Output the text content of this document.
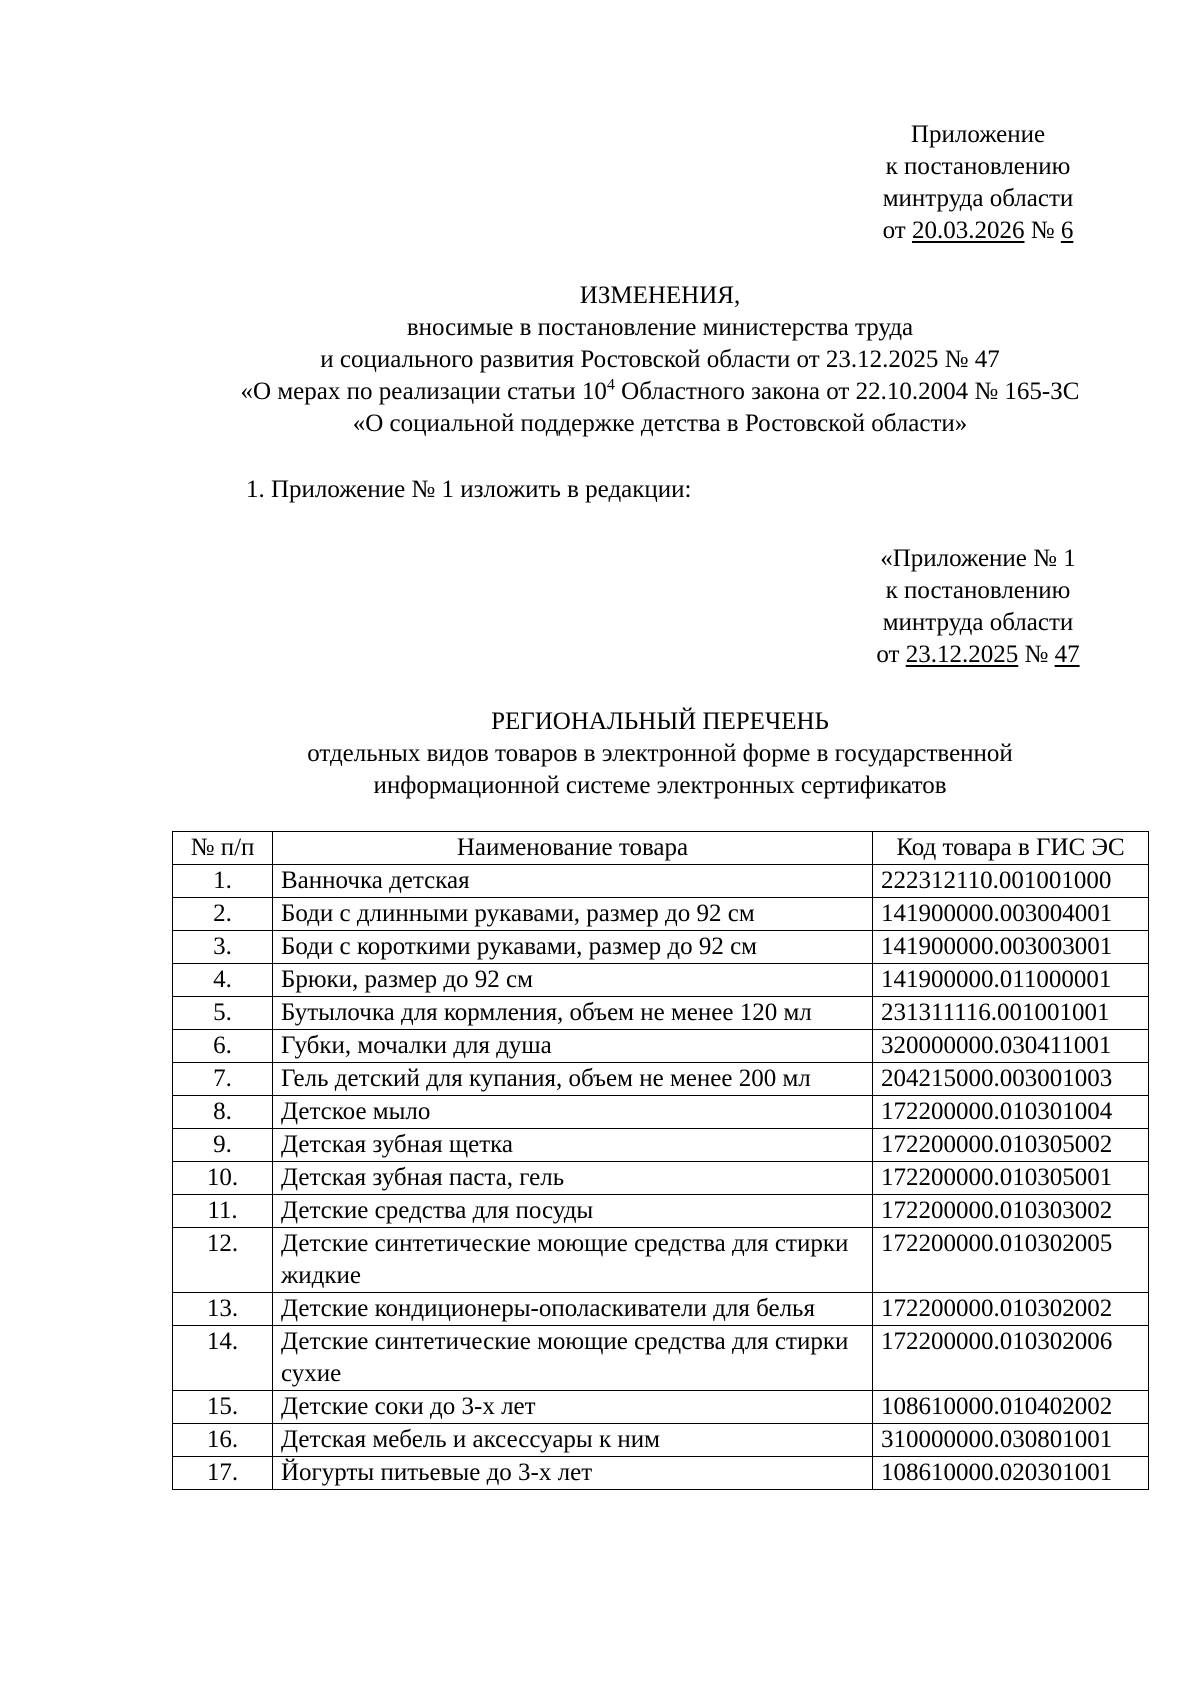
Приложение
к постановлению
минтруда области
от 20.03.2026 № 6
ИЗМЕНЕНИЯ,
вносимые в постановление министерства труда
и социального развития Ростовской области от 23.12.2025 № 47
«О мерах по реализации статьи $10^4$ Областного закона от 22.10.2004 № 165-ЗС
«О социальной поддержке детства в Ростовской области»
1. Приложение № 1 изложить в редакции:
«Приложение № 1
к постановлению
минтруда области
от 23.12.2025 № 47
РЕГИОНАЛЬНЫЙ ПЕРЕЧЕНЬ
отдельных видов товаров в электронной форме в государственной
информационной системе электронных сертификатов
№ п/п	Наименование товара	Код товара в ГИС ЭС
1.	Ванночка детская	222312110.001001000
2.	Боди с длинными рукавами, размер до 92 см	141900000.003004001
3.	Боди с короткими рукавами, размер до 92 см	141900000.003003001
4.	Брюки, размер до 92 см	141900000.011000001
5.	Бутылочка для кормления, объем не менее 120 мл	231311116.001001001
6.	Губки, мочалки для душа	320000000.030411001
7.	Гель детский для купания, объем не менее 200 мл	204215000.003001003
8.	Детское мыло	172200000.010301004
9.	Детская зубная щетка	172200000.010305002
10.	Детская зубная паста, гель	172200000.010305001
11.	Детские средства для посуды	172200000.010303002
12.	Детские синтетические моющие средства для стирки жидкие	172200000.010302005
13.	Детские кондиционеры-ополаскиватели для белья	172200000.010302002
14.	Детские синтетические моющие средства для стирки сухие	172200000.010302006
15.	Детские соки до 3-х лет	108610000.010402002
16.	Детская мебель и аксессуары к ним	310000000.030801001
17.	Йогурты питьевые до 3-х лет	108610000.020301001
